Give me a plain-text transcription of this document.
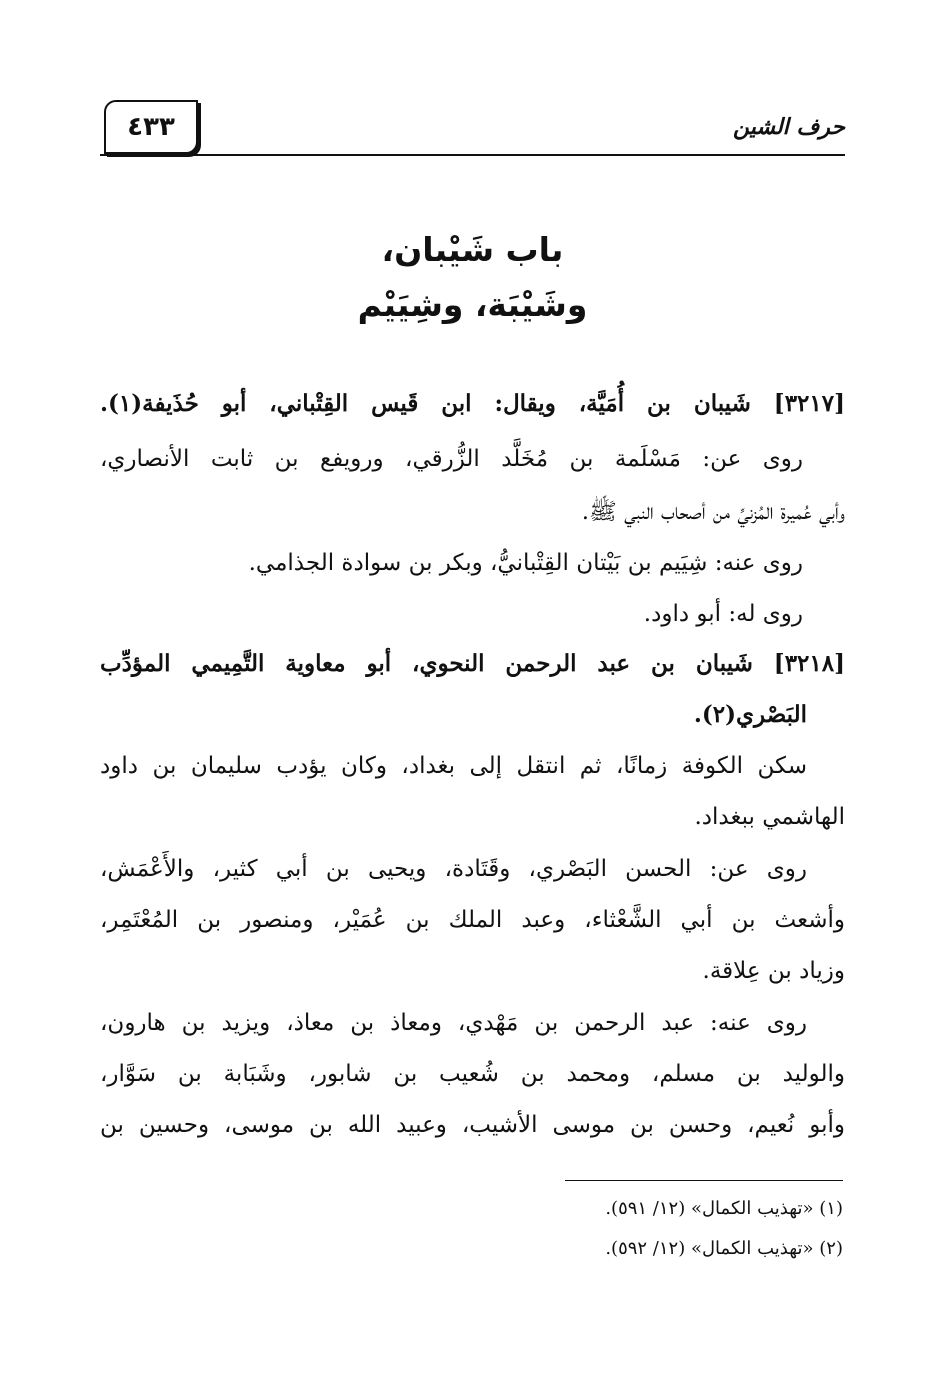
٤٣٣	حرف الشين
باب شَيْبان،
وشَيْبَة، وشِيَيْم
[٣٢١٧] شَيبان بن أُمَيَّة، ويقال: ابن قَيس القِتْباني، أبو حُذَيفة(١).
روى عن: مَسْلَمة بن مُخَلَّد الزُّرقي، ورويفع بن ثابت الأنصاري،
وأبي عُميرة المُزنيِّ من أصحاب النبي ﷺ.
روى عنه: شِيَيم بن بَيْتان القِتْبانيُّ، وبكر بن سوادة الجذامي.
روى له: أبو داود.
[٣٢١٨] شَيبان بن عبد الرحمن النحوي، أبو معاوية التَّمِيمي المؤدِّب
البَصْري(٢).
سكن الكوفة زمانًا، ثم انتقل إلى بغداد، وكان يؤدب سليمان بن داود
الهاشمي ببغداد.
روى عن: الحسن البَصْري، وقَتَادة، ويحيى بن أبي كثير، والأَعْمَش،
وأشعث بن أبي الشَّعْثاء، وعبد الملك بن عُمَيْر، ومنصور بن المُعْتَمِر،
وزياد بن عِلاقة.
روى عنه: عبد الرحمن بن مَهْدي، ومعاذ بن معاذ، ويزيد بن هارون،
والوليد بن مسلم، ومحمد بن شُعيب بن شابور، وشَبَابة بن سَوَّار،
وأبو نُعيم، وحسن بن موسى الأشيب، وعبيد الله بن موسى، وحسين بن
(١) «تهذيب الكمال» (١٢/ ٥٩١).
(٢) «تهذيب الكمال» (١٢/ ٥٩٢).
